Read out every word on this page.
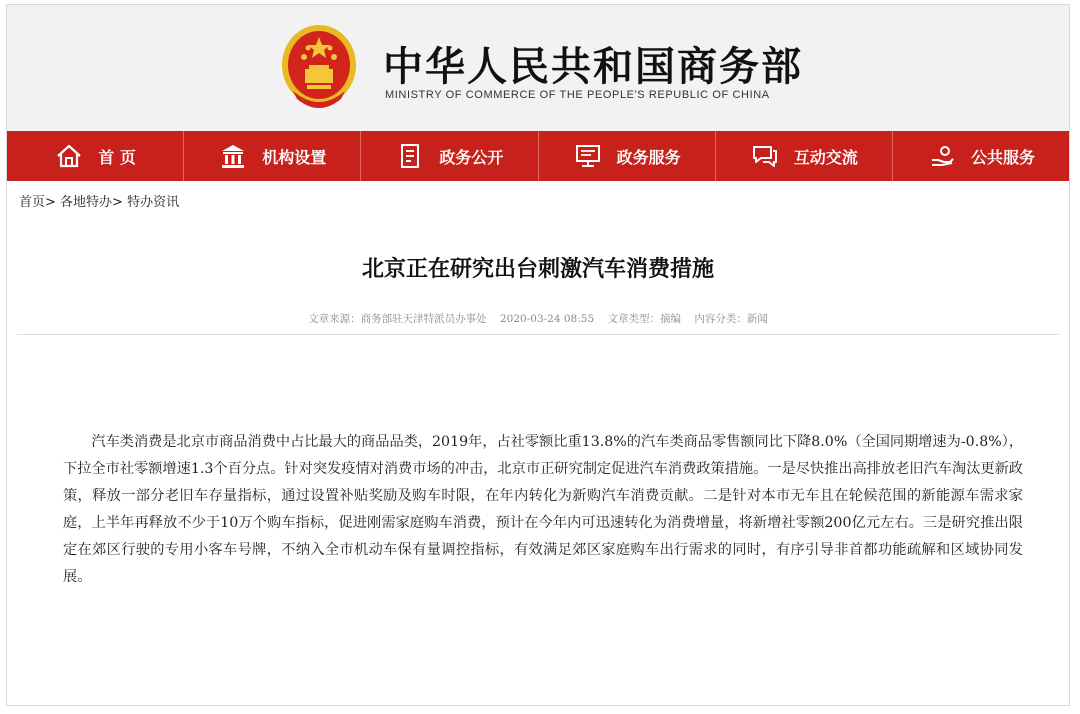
中华人民共和国商务部
MINISTRY OF COMMERCE OF THE PEOPLE'S REPUBLIC OF CHINA
首 页	机构设置	政务公开	政务服务	互动交流	公共服务
首页> 各地特办> 特办资讯
北京正在研究出台刺激汽车消费措施
文章来源：商务部驻天津特派员办事处 2020-03-24 08:55 文章类型：摘编 内容分类：新闻

汽车类消费是北京市商品消费中占比最大的商品品类，2019年，占社零额比重13.8%的汽车类商品零售额同比下降8.0%（全国同期增速为-0.8%），下拉全市社零额增速1.3个百分点。针对突发疫情对消费市场的冲击，北京市正研究制定促进汽车消费政策措施。一是尽快推出高排放老旧汽车淘汰更新政策，释放一部分老旧车存量指标，通过设置补贴奖励及购车时限，在年内转化为新购汽车消费贡献。二是针对本市无车且在轮候范围的新能源车需求家庭，上半年再释放不少于10万个购车指标，促进刚需家庭购车消费，预计在今年内可迅速转化为消费增量，将新增社零额200亿元左右。三是研究推出限定在郊区行驶的专用小客车号牌，不纳入全市机动车保有量调控指标，有效满足郊区家庭购车出行需求的同时，有序引导非首都功能疏解和区域协同发展。
